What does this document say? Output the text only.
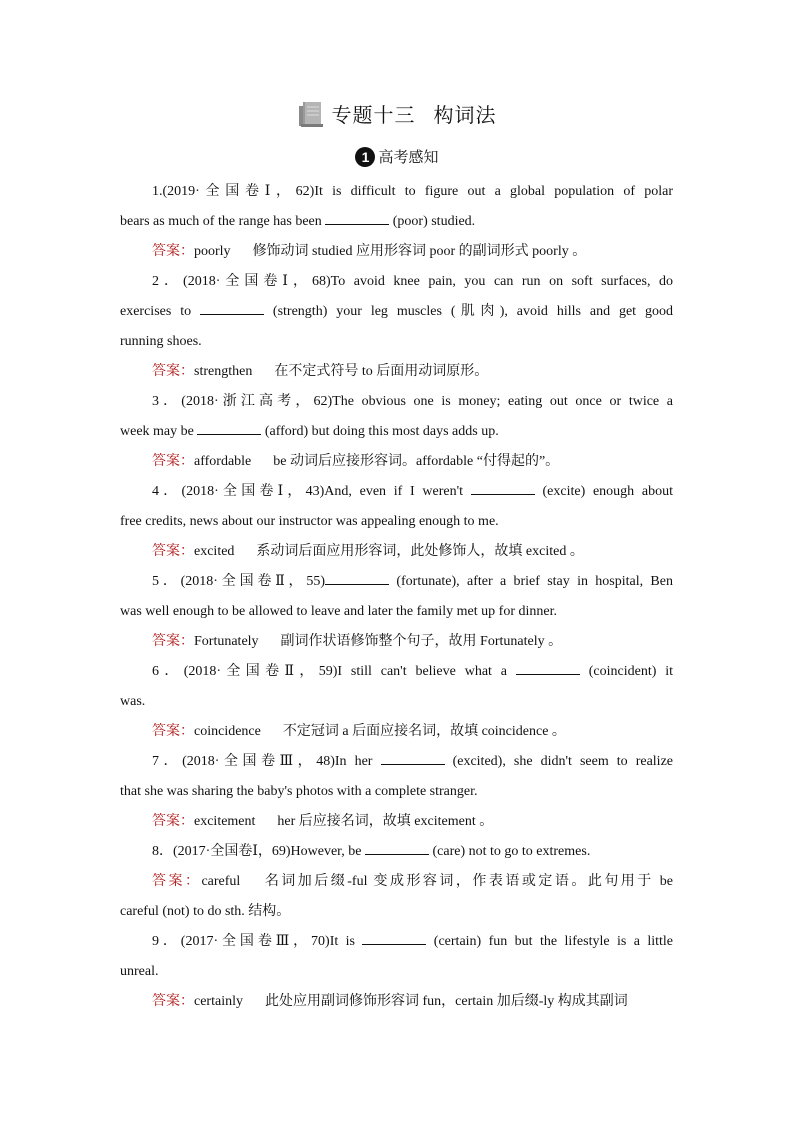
专题十三 构词法
1 高考感知
1.(2019·全国卷Ⅰ，62)It is difficult to figure out a global population of polar
bears as much of the range has been	(poor) studied.
答案：poorly 修饰动词 studied 应用形容词 poor 的副词形式 poorly 。
2．(2018·全国卷Ⅰ，68)To avoid knee pain, you can run on soft surfaces, do
exercises to	(strength) your leg muscles (肌肉), avoid hills and get good
running shoes.
答案：strengthen 在不定式符号 to 后面用动词原形。
3．(2018·浙江高考，62)The obvious one is money; eating out once or twice a
week may be	(afford) but doing this most days adds up.
答案：affordable be 动词后应接形容词。affordable “付得起的”。
4．(2018·全国卷Ⅰ，43)And, even if I weren't	(excite) enough about
free credits, news about our instructor was appealing enough to me.
答案：excited 系动词后面应用形容词，此处修饰人，故填 excited 。
5．(2018·全国卷Ⅱ，55)	(fortunate), after a brief stay in hospital, Ben
was well enough to be allowed to leave and later the family met up for dinner.
答案：Fortunately 副词作状语修饰整个句子，故用 Fortunately 。
6．(2018·全国卷Ⅱ，59)I still can't believe what a	(coincident) it
was.
答案：coincidence 不定冠词 a 后面应接名词，故填 coincidence 。
7．(2018·全国卷Ⅲ，48)In her	(excited), she didn't seem to realize
that she was sharing the baby's photos with a complete stranger.
答案：excitement her 后应接名词，故填 excitement 。
8．(2017·全国卷Ⅰ，69)However, be	(care) not to go to extremes.
答案：careful 名词加后缀-ful 变成形容词，作表语或定语。此句用于 be
careful (not) to do sth. 结构。
9．(2017·全国卷Ⅲ，70)It is	(certain) fun but the lifestyle is a little
unreal.
答案：certainly 此处应用副词修饰形容词 fun，certain 加后缀-ly 构成其副词
